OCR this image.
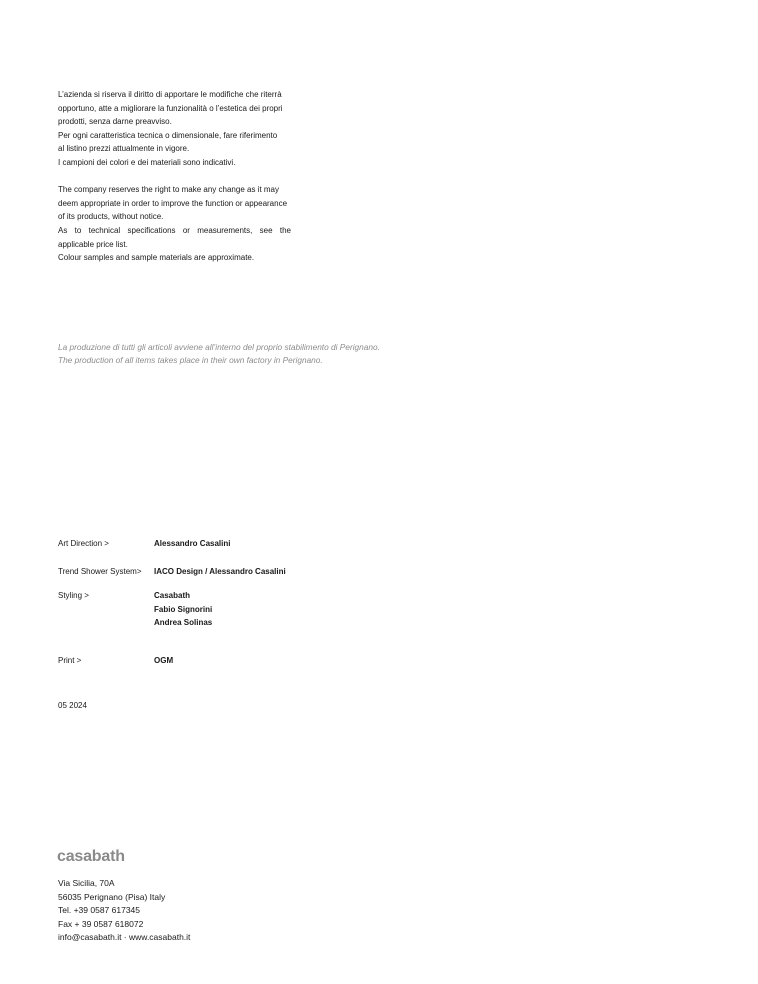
L’azienda si riserva il diritto di apportare le modifiche che riterrà

opportuno, atte a migliorare la funzionalità o l’estetica dei propri

prodotti, senza darne preavviso.

Per ogni caratteristica tecnica o dimensionale, fare riferimento

al listino prezzi attualmente in vigore.

I campioni dei colori e dei materiali sono indicativi.

The company reserves the right to make any change as it may

deem appropriate in order to improve the function or appearance

of its products, without notice.

As to technical specifications or measurements, see the

applicable price list.

Colour samples and sample materials are approximate.

La produzione di tutti gli articoli avviene all’interno del proprio stabilimento di Perignano.

The production of all items takes place in their own factory in Perignano.

Art Direction >	Alessandro Casalini

Trend Shower System> IACO Design / Alessandro Casalini

Styling >	Casabath

Fabio Signorini

Andrea Solinas

Print >	OGM

05 2024
casabath

Via Sicilia, 70A

56035 Perignano (Pisa) Italy

Tel. +39 0587 617345

Fax + 39 0587 618072

info@casabath.it · www.casabath.it
